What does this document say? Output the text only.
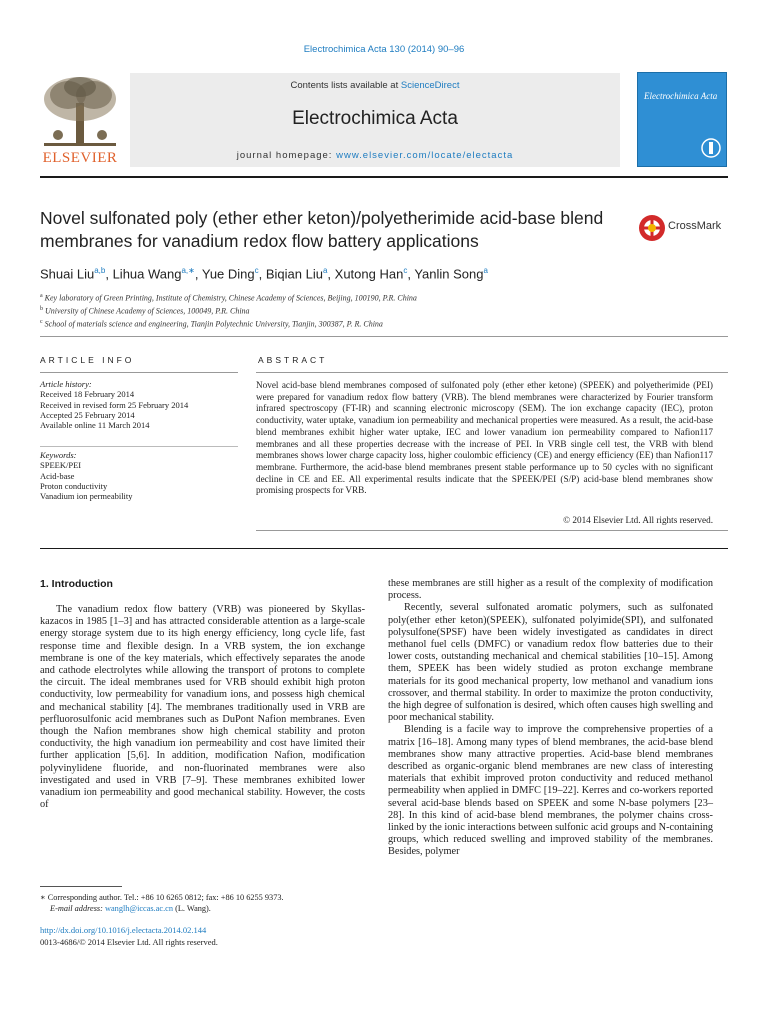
Electrochimica Acta 130 (2014) 90–96
ELSEVIER
Contents lists available at ScienceDirect
Electrochimica Acta
journal homepage: www.elsevier.com/locate/electacta
Electrochimica Acta
Novel sulfonated poly (ether ether keton)/polyetherimide acid-base blend membranes for vanadium redox flow battery applications
CrossMark
Shuai Liu$^{a,b}$, Lihua Wang$^{a,∗}$, Yue Ding$^c$, Biqian Liu$^a$, Xutong Han$^c$, Yanlin Song$^a$
$^a$ Key laboratory of Green Printing, Institute of Chemistry, Chinese Academy of Sciences, Beijing, 100190, P.R. China
$^b$ University of Chinese Academy of Sciences, 100049, P.R. China
$^c$ School of materials science and engineering, Tianjin Polytechnic University, Tianjin, 300387, P. R. China
ARTICLE INFO	ABSTRACT
Article history:
Received 18 February 2014
Received in revised form 25 February 2014
Accepted 25 February 2014
Available online 11 March 2014
Keywords:
SPEEK/PEI
Acid-base
Proton conductivity
Vanadium ion permeability
Novel acid-base blend membranes composed of sulfonated poly (ether ether ketone) (SPEEK) and polyetherimide (PEI) were prepared for vanadium redox flow battery (VRB). The blend membranes were characterized by Fourier transform infrared spectroscopy (FT-IR) and scanning electronic microscopy (SEM). The ion exchange capacity (IEC), proton conductivity, water uptake, vanadium ion permeability and mechanical properties were measured. As a result, the acid-base blend membranes exhibit higher water uptake, IEC and lower vanadium ion permeability compared to Nafion117 membranes and all these properties decrease with the increase of PEI. In VRB single cell test, the VRB with blend membranes shows lower charge capacity loss, higher coulombic efficiency (CE) and energy efficiency (EE) than Nafion117 membrane. Furthermore, the acid-base blend membranes present stable performance up to 50 cycles with no significant decline in CE and EE. All experimental results indicate that the SPEEK/PEI (S/P) acid-base blend membranes show promising prospects for VRB.
© 2014 Elsevier Ltd. All rights reserved.
1. Introduction

The vanadium redox flow battery (VRB) was pioneered by Skyllas-kazacos in 1985 [1–3] and has attracted considerable attention as a large-scale energy storage system due to its high energy efficiency, long cycle life, fast response time and flexible design. In a VRB system, the ion exchange membrane is one of the key materials, which effectively separates the anode and cathode electrolytes while allowing the transport of protons to complete the circuit. The ideal membranes used for VRB should exhibit high proton conductivity, low permeability for vanadium ions, and possess high chemical and mechanical stability [4]. The membranes traditionally used in VRB are perfluorosulfonic acid membranes such as DuPont Nafion membranes. Even though the Nafion membranes show high chemical stability and proton conductivity, the high vanadium ion permeability and cost have limited their further application [5,6]. In addition, modification Nafion, modification polyvinylidene fluoride, and non-fluorinated membranes were also investigated and used in VRB [7–9]. These membranes exhibited lower vanadium ion permeability and good mechanical stability. However, the costs of

these membranes are still higher as a result of the complexity of modification process.

Recently, several sulfonated aromatic polymers, such as sulfonated poly(ether ether keton)(SPEEK), sulfonated polyimide(SPI), and sulfonated polysulfone(SPSF) have been widely investigated as candidates in direct methanol fuel cells (DMFC) or vanadium redox flow batteries due to their lower costs, outstanding mechanical and chemical stabilities [10–15]. Among them, SPEEK has been widely studied as proton exchange membrane materials for its good mechanical property, low methanol and vanadium ions crossover, and thermal stability. In order to maximize the proton conductivity, the high degree of sulfonation is desired, which often causes high swelling and poor mechanical stability.

Blending is a facile way to improve the comprehensive properties of a matrix [16–18]. Among many types of blend membranes, the acid-base blend membranes show many attractive properties. Acid-base blend membranes described as organic-organic blend membranes are new class of interesting materials that exhibit improved proton conductivity and reduced methanol permeability when applied in DMFC [19–22]. Kerres and co-workers reported several acid-base blends based on SPEEK and some N-base polymers [23–28]. In this kind of acid-base blend membranes, the polymer chains cross-linked by the ionic interactions between sulfonic acid groups and N-containing groups, which reduced swelling and improved stability of the membranes. Besides, polymer

∗ Corresponding author. Tel.: +86 10 6265 0812; fax: +86 10 6255 9373.
E-mail address: wanglh@iccas.ac.cn (L. Wang).
http://dx.doi.org/10.1016/j.electacta.2014.02.144
0013-4686/© 2014 Elsevier Ltd. All rights reserved.
